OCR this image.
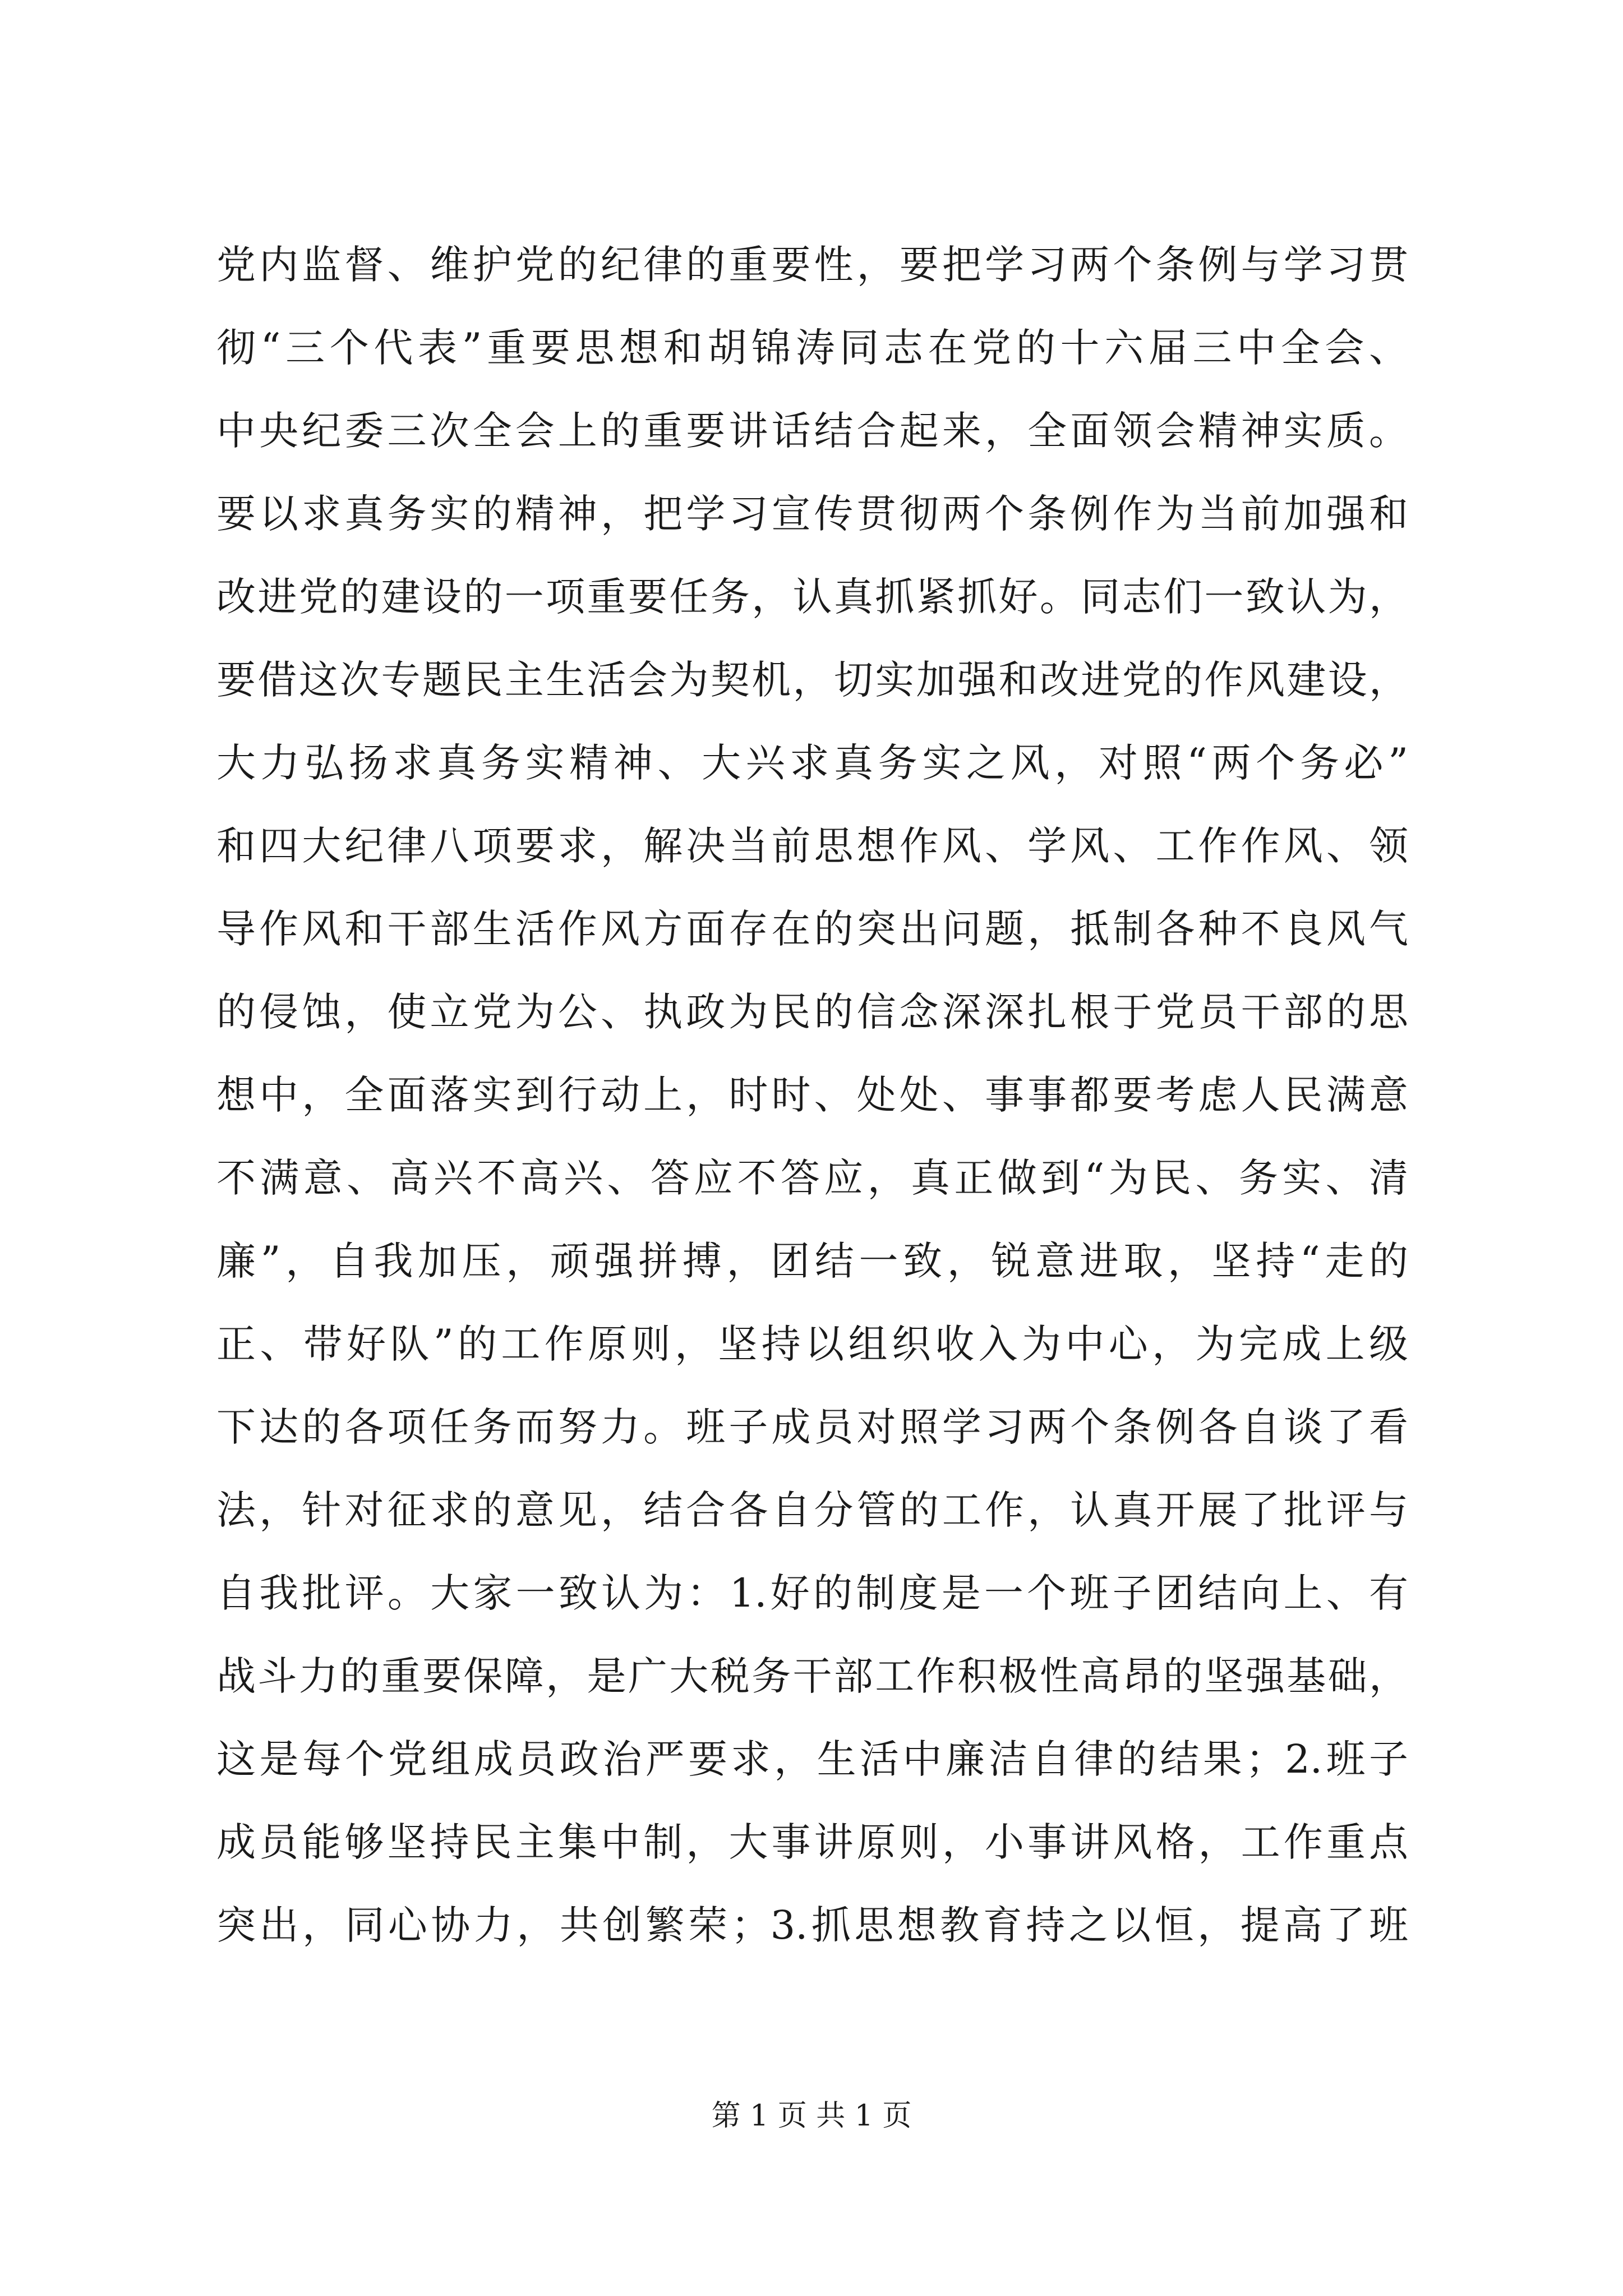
党内监督、维护党的纪律的重要性，要把学习两个条例与学习贯
彻“三个代表”重要思想和胡锦涛同志在党的十六届三中全会、
中央纪委三次全会上的重要讲话结合起来，全面领会精神实质。
要以求真务实的精神，把学习宣传贯彻两个条例作为当前加强和
改进党的建设的一项重要任务，认真抓紧抓好。同志们一致认为，
要借这次专题民主生活会为契机，切实加强和改进党的作风建设，
大力弘扬求真务实精神、大兴求真务实之风，对照“两个务必”
和四大纪律八项要求，解决当前思想作风、学风、工作作风、领
导作风和干部生活作风方面存在的突出问题，抵制各种不良风气
的侵蚀，使立党为公、执政为民的信念深深扎根于党员干部的思
想中，全面落实到行动上，时时、处处、事事都要考虑人民满意
不满意、高兴不高兴、答应不答应，真正做到“为民、务实、清
廉”，自我加压，顽强拼搏，团结一致，锐意进取，坚持“走的
正、带好队”的工作原则，坚持以组织收入为中心，为完成上级
下达的各项任务而努力。班子成员对照学习两个条例各自谈了看
法，针对征求的意见，结合各自分管的工作，认真开展了批评与
自我批评。大家一致认为：1.好的制度是一个班子团结向上、有
战斗力的重要保障，是广大税务干部工作积极性高昂的坚强基础，
这是每个党组成员政治严要求，生活中廉洁自律的结果；2.班子
成员能够坚持民主集中制，大事讲原则，小事讲风格，工作重点
突出，同心协力，共创繁荣；3.抓思想教育持之以恒，提高了班
第 1 页 共 1 页
